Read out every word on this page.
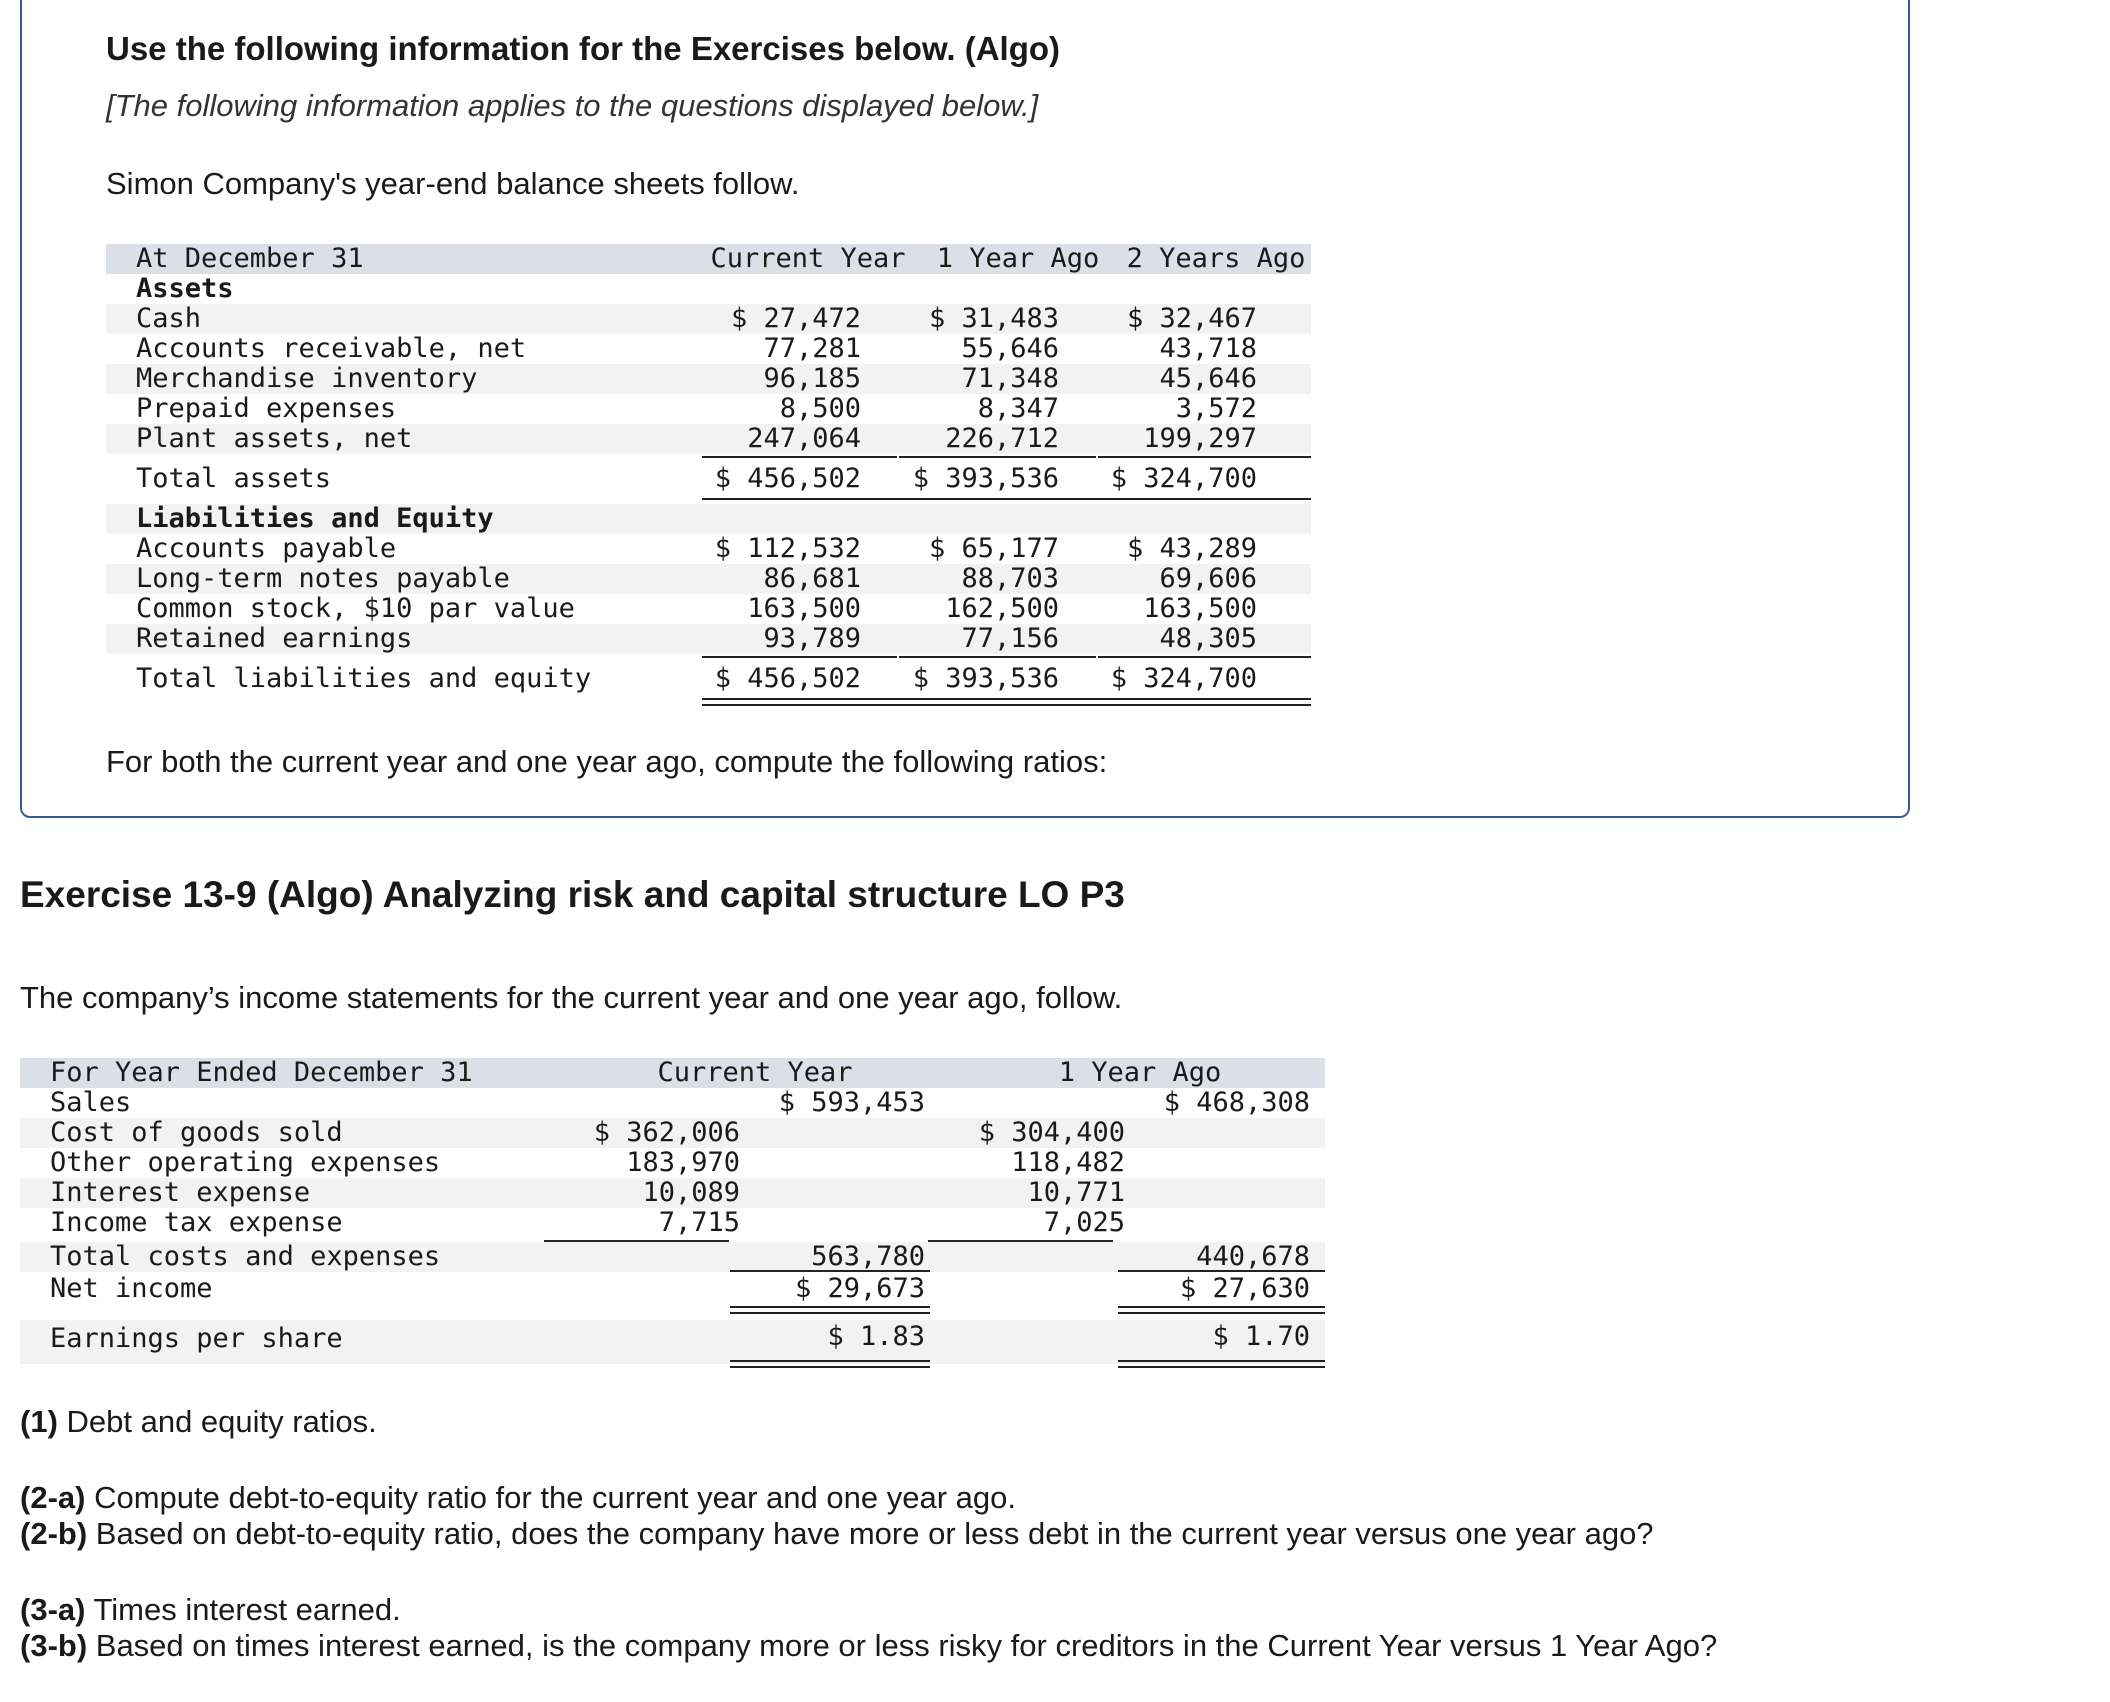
Use the following information for the Exercises below. (Algo)
[The following information applies to the questions displayed below.]
Simon Company's year-end balance sheets follow.
At December 31	Current Year	1 Year Ago	2 Years Ago
Assets
Cash	$ 27,472	$ 31,483	$ 32,467
Accounts receivable, net	77,281	55,646	43,718
Merchandise inventory	96,185	71,348	45,646
Prepaid expenses	8,500	8,347	3,572
Plant assets, net	247,064	226,712	199,297
Total assets	$ 456,502 $ 393,536 $ 324,700
Liabilities and Equity
Accounts payable	$ 112,532	$ 65,177	$ 43,289
Long-term notes payable	86,681	88,703	69,606
Common stock, $10 par value	163,500	162,500	163,500
Retained earnings	93,789	77,156	48,305
Total liabilities and equity	$ 456,502 $ 393,536 $ 324,700
For both the current year and one year ago, compute the following ratios:
Exercise 13-9 (Algo) Analyzing risk and capital structure LO P3
The company’s income statements for the current year and one year ago, follow.
For Year Ended December 31	Current Year	1 Year Ago
Sales	$ 593,453	$ 468,308
Cost of goods sold	$ 362,006	$ 304,400
Other operating expenses	183,970	118,482
Interest expense	10,089	10,771
Income tax expense	7,715	7,025
Total costs and expenses	563,780	440,678
Net income	$ 29,673	$ 27,630
Earnings per share	$ 1.83	$ 1.70
(1) Debt and equity ratios.
(2-a) Compute debt-to-equity ratio for the current year and one year ago.
(2-b) Based on debt-to-equity ratio, does the company have more or less debt in the current year versus one year ago?
(3-a) Times interest earned.
(3-b) Based on times interest earned, is the company more or less risky for creditors in the Current Year versus 1 Year Ago?
